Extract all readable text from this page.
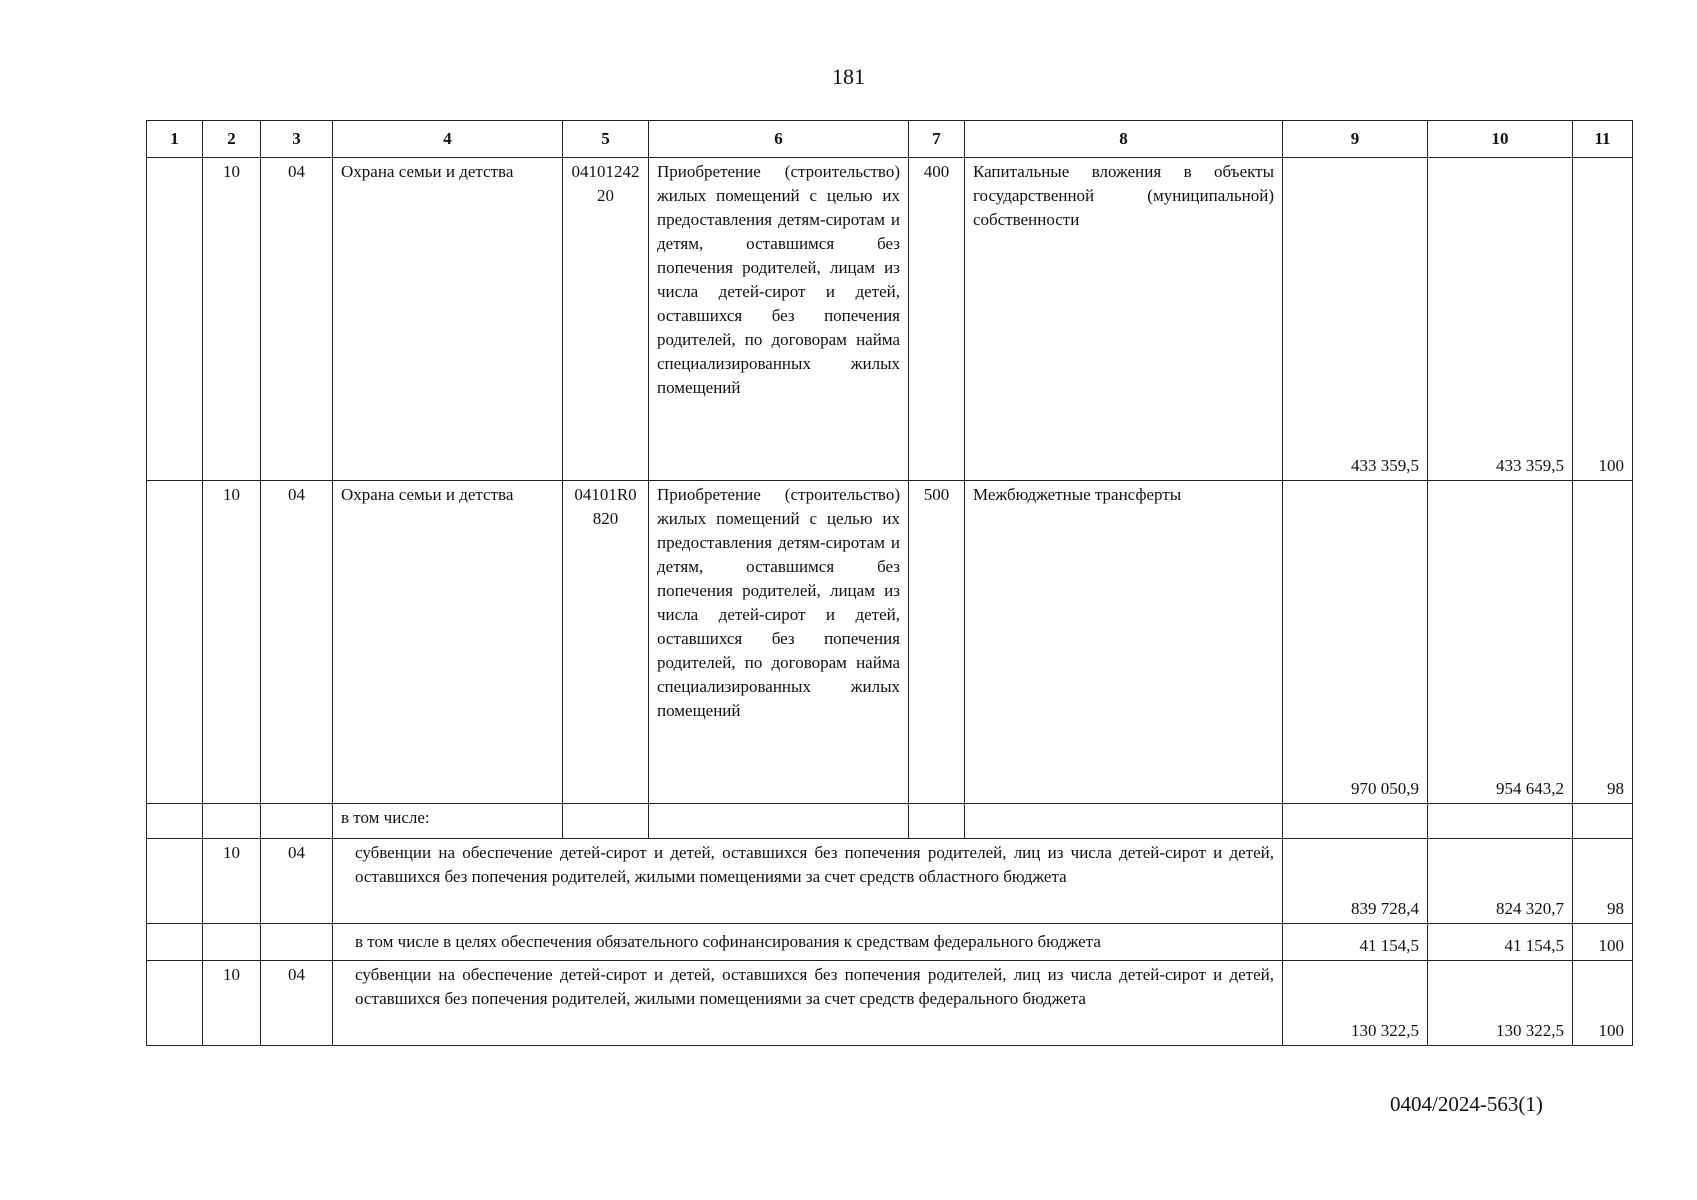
181
1	2	3	4	5	6	7	8	9	10	11
	10	04	Охрана семьи и детства	0410124220	Приобретение (строительство) жилых помещений с целью их предоставления детям-сиротам и детям, оставшимся без попечения родителей, лицам из числа детей-сирот и детей, оставшихся без попечения родителей, по договорам найма специализированных жилых помещений	400	Капитальные вложения в объекты государственной (муниципальной) собственности	433 359,5	433 359,5	100
	10	04	Охрана семьи и детства	04101R0820	Приобретение (строительство) жилых помещений с целью их предоставления детям-сиротам и детям, оставшимся без попечения родителей, лицам из числа детей-сирот и детей, оставшихся без попечения родителей, по договорам найма специализированных жилых помещений	500	Межбюджетные трансферты	970 050,9	954 643,2	98
			в том числе:							
	10	04	субвенции на обеспечение детей-сирот и детей, оставшихся без попечения родителей, лиц из числа детей-сирот и детей, оставшихся без попечения родителей, жилыми помещениями за счет средств областного бюджета					839 728,4	824 320,7	98
			в том числе в целях обеспечения обязательного софинансирования к средствам федерального бюджета					41 154,5	41 154,5	100
	10	04	субвенции на обеспечение детей-сирот и детей, оставшихся без попечения родителей, лиц из числа детей-сирот и детей, оставшихся без попечения родителей, жилыми помещениями за счет средств федерального бюджета					130 322,5	130 322,5	100
0404/2024-563(1)
